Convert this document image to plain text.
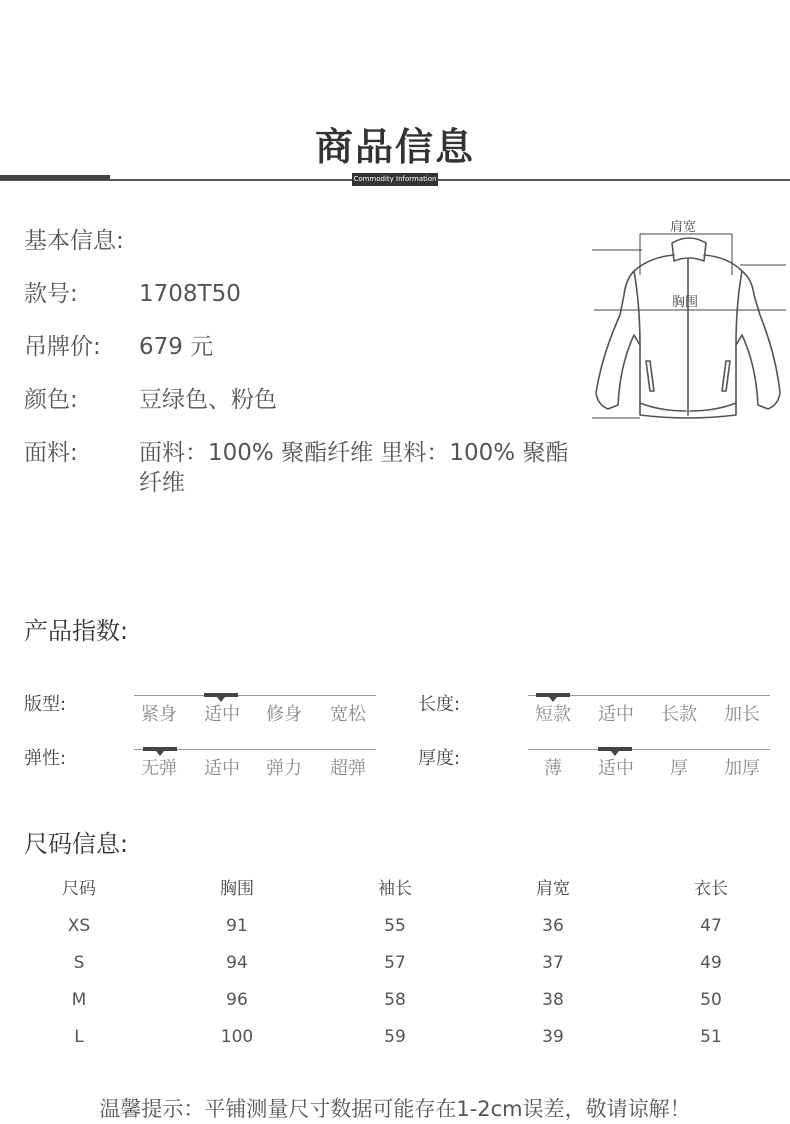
商品信息
Commodity Information
基本信息:
款号:	1708T50
吊牌价: 679 元
颜色:	豆绿色、粉色
面料:	面料：100% 聚酯纤维 里料：100% 聚酯纤维
肩宽
胸围
产品指数:
版型:	紧身	适中	修身	宽松	长度:	短款	适中	长款	加长
弹性:	无弹	适中	弹力	超弹	厚度:	薄	适中	厚	加厚
尺码信息:
尺码	胸围	袖长	肩宽	衣长
XS	91	55	36	47
S	94	57	37	49
M	96	58	38	50
L	100	59	39	51
温馨提示：平铺测量尺寸数据可能存在1-2cm误差，敬请谅解！
